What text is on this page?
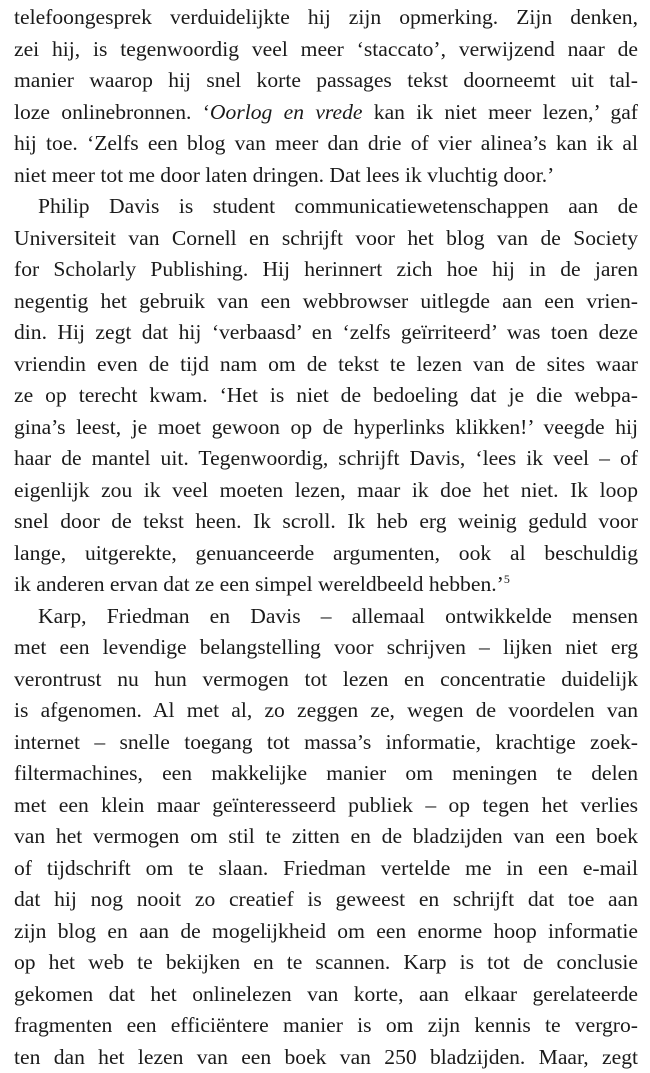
telefoongesprek verduidelijkte hij zijn opmerking. Zijn denken,
zei hij, is tegenwoordig veel meer ‘staccato’, verwijzend naar de
manier waarop hij snel korte passages tekst doorneemt uit tal-
loze onlinebronnen. ‘Oorlog en vrede kan ik niet meer lezen,’ gaf
hij toe. ‘Zelfs een blog van meer dan drie of vier alinea’s kan ik al
niet meer tot me door laten dringen. Dat lees ik vluchtig door.’
Philip Davis is student communicatiewetenschappen aan de
Universiteit van Cornell en schrijft voor het blog van de Society
for Scholarly Publishing. Hij herinnert zich hoe hij in de jaren
negentig het gebruik van een webbrowser uitlegde aan een vrien-
din. Hij zegt dat hij ‘verbaasd’ en ‘zelfs geïrriteerd’ was toen deze
vriendin even de tijd nam om de tekst te lezen van de sites waar
ze op terecht kwam. ‘Het is niet de bedoeling dat je die webpa-
gina’s leest, je moet gewoon op de hyperlinks klikken!’ veegde hij
haar de mantel uit. Tegenwoordig, schrijft Davis, ‘lees ik veel – of
eigenlijk zou ik veel moeten lezen, maar ik doe het niet. Ik loop
snel door de tekst heen. Ik scroll. Ik heb erg weinig geduld voor
lange, uitgerekte, genuanceerde argumenten, ook al beschuldig
ik anderen ervan dat ze een simpel wereldbeeld hebben.’$^5$
Karp, Friedman en Davis – allemaal ontwikkelde mensen
met een levendige belangstelling voor schrijven – lijken niet erg
verontrust nu hun vermogen tot lezen en concentratie duidelijk
is afgenomen. Al met al, zo zeggen ze, wegen de voordelen van
internet – snelle toegang tot massa’s informatie, krachtige zoek-
filtermachines, een makkelijke manier om meningen te delen
met een klein maar geïnteresseerd publiek – op tegen het verlies
van het vermogen om stil te zitten en de bladzijden van een boek
of tijdschrift om te slaan. Friedman vertelde me in een e-mail
dat hij nog nooit zo creatief is geweest en schrijft dat toe aan
zijn blog en aan de mogelijkheid om een enorme hoop informatie
op het web te bekijken en te scannen. Karp is tot de conclusie
gekomen dat het onlinelezen van korte, aan elkaar gerelateerde
fragmenten een efficiëntere manier is om zijn kennis te vergro-
ten dan het lezen van een boek van 250 bladzijden. Maar, zegt
